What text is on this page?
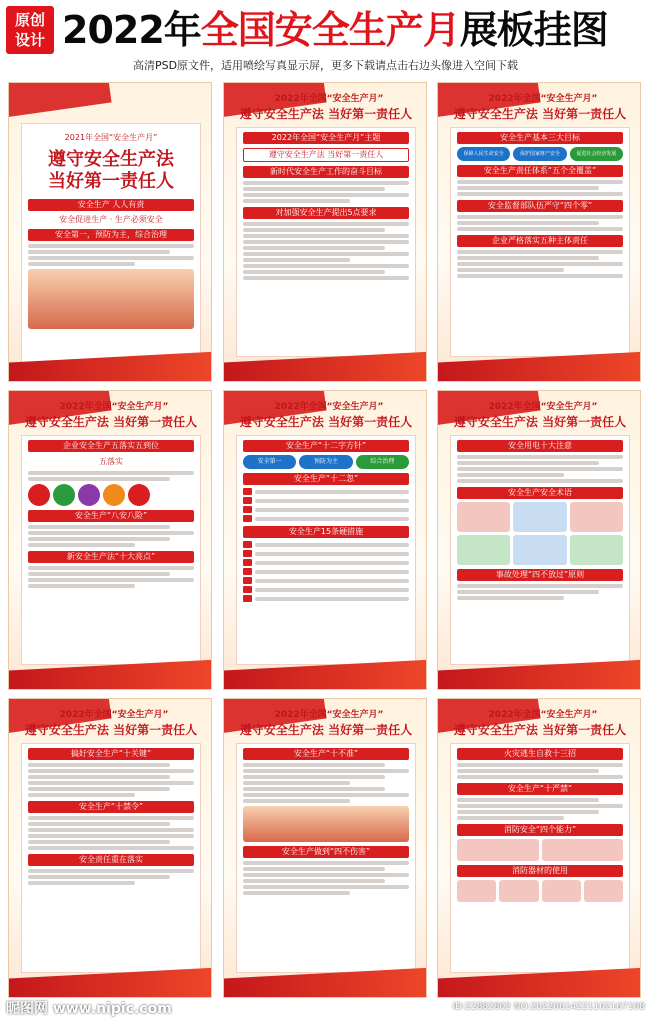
原创
设计 2022年全国安全生产月展板挂图
高清PSD原文件，适用喷绘写真显示屏，更多下载请点击右边头像进入空间下载
2021年全国“安全生产月”
遵守安全生产法
当好第一责任人
安全生产 人人有责
安全促进生产 · 生产必须安全
安全第一，预防为主，综合治理
2022年全国“安全生产月”
遵守安全生产法 当好第一责任人
2022年全国“安全生产月”主题
遵守安全生产法 当好第一责任人
新时代安全生产工作的奋斗目标
对加强安全生产提出5点要求
2022年全国“安全生产月”
遵守安全生产法 当好第一责任人
安全生产基本三大目标
保障人民生命安全	保护国家财产安全	促进社会经济发展
安全生产责任体系“五个全覆盖”
安全监督部队伍严守“四个零”
企业严格落实五种主体责任
2022年全国“安全生产月”
遵守安全生产法 当好第一责任人
企业安全生产五落实五到位
五落实
安全生产“八安八险”
新安全生产法“十大亮点”
2022年全国“安全生产月”
遵守安全生产法 当好第一责任人
安全生产“十二字方针”
安全第一	预防为主	综合治理
安全生产“十二忽”
安全生产15条硬措施
2022年全国“安全生产月”
遵守安全生产法 当好第一责任人
安全用电十大注意
安全生产安全术语
事故处理“四不放过”原则
2022年全国“安全生产月”
遵守安全生产法 当好第一责任人
搞好安全生产“十关键”
安全生产“十禁令”
安全责任重在落实
2022年全国“安全生产月”
遵守安全生产法 当好第一责任人
安全生产“十不准”
安全生产做到“四不伤害”
2022年全国“安全生产月”
遵守安全生产法 当好第一责任人
火灾逃生自救十三招
安全生产“十严禁”
消防安全“四个能力”
消防器材的使用
昵图网 www.nipic.com	ID:22882802 NO:20220614221102167108
